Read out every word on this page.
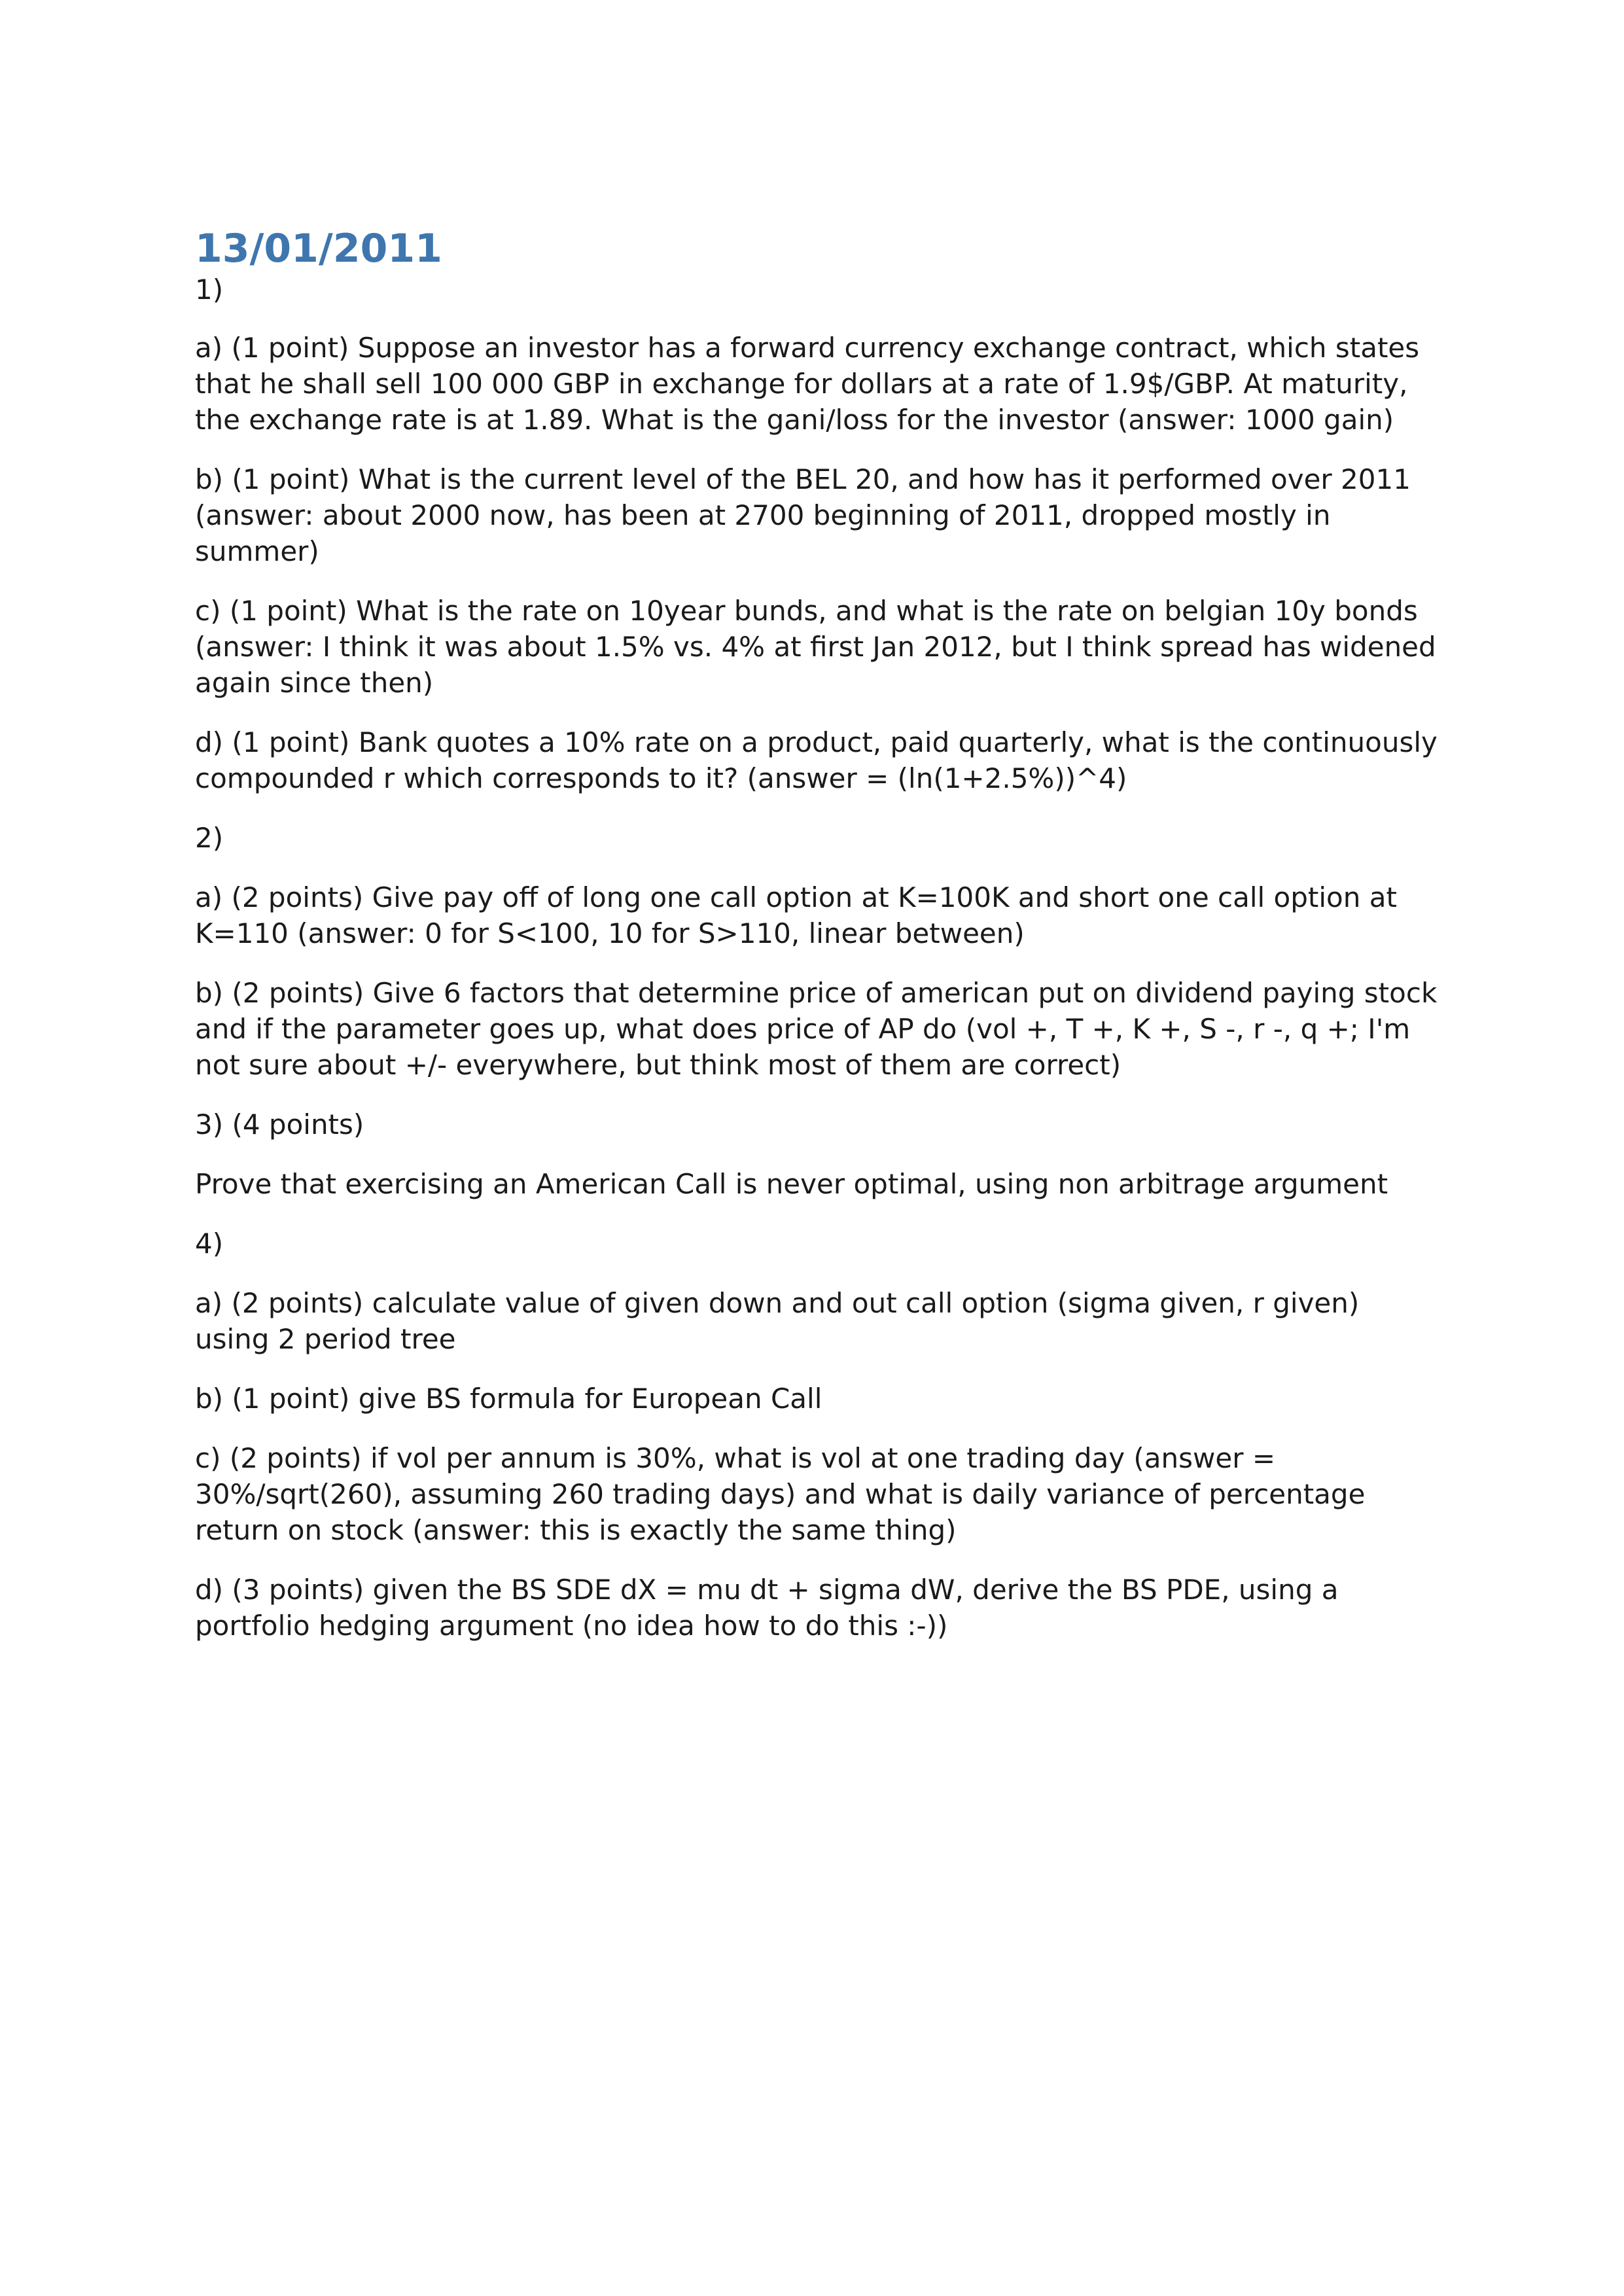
13/01/2011

1)

a) (1 point) Suppose an investor has a forward currency exchange contract, which states that he shall sell 100 000 GBP in exchange for dollars at a rate of 1.9$/GBP. At maturity, the exchange rate is at 1.89. What is the gani/loss for the investor (answer: 1000 gain)

b) (1 point) What is the current level of the BEL 20, and how has it performed over 2011 (answer: about 2000 now, has been at 2700 beginning of 2011, dropped mostly in summer)

c) (1 point) What is the rate on 10year bunds, and what is the rate on belgian 10y bonds (answer: I think it was about 1.5% vs. 4% at first Jan 2012, but I think spread has widened again since then)

d) (1 point) Bank quotes a 10% rate on a product, paid quarterly, what is the continuously compounded r which corresponds to it? (answer = (ln(1+2.5%))^4)

2)

a) (2 points) Give pay off of long one call option at K=100K and short one call option at K=110 (answer: 0 for S<100, 10 for S>110, linear between)

b) (2 points) Give 6 factors that determine price of american put on dividend paying stock and if the parameter goes up, what does price of AP do (vol +, T +, K +, S -, r -, q +; I'm not sure about +/- everywhere, but think most of them are correct)

3) (4 points)

Prove that exercising an American Call is never optimal, using non arbitrage argument

4)

a) (2 points) calculate value of given down and out call option (sigma given, r given) using 2 period tree

b) (1 point) give BS formula for European Call

c) (2 points) if vol per annum is 30%, what is vol at one trading day (answer = 30%/sqrt(260), assuming 260 trading days) and what is daily variance of percentage return on stock (answer: this is exactly the same thing)

d) (3 points) given the BS SDE dX = mu dt + sigma dW, derive the BS PDE, using a portfolio hedging argument (no idea how to do this :-))
